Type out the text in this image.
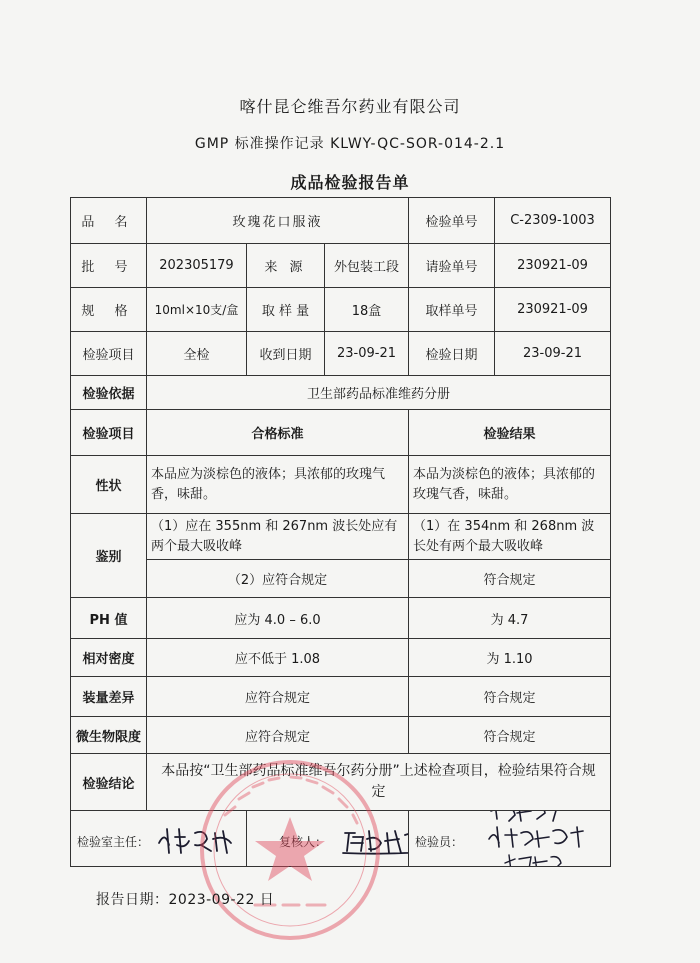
喀什昆仑维吾尔药业有限公司
GMP 标准操作记录 KLWY-QC-SOR-014-2.1
成品检验报告单
品 名	玫瑰花口服液			检验单号	C-2309-1003
批 号	202305179	来 源	外包装工段	请验单号	230921-09
规 格	10ml×10支/盒	取 样 量	18盒	取样单号	230921-09
检验项目	全检	收到日期	23-09-21	检验日期	23-09-21
检验依据	卫生部药品标准维药分册				
检验项目	合格标准			检验结果	
性状	本品应为淡棕色的液体；具浓郁的玫瑰气香，味甜。			本品为淡棕色的液体；具浓郁的玫瑰气香，味甜。	
鉴别	（1）应在 355nm 和 267nm 波长处应有两个最大吸收峰			（1）在 354nm 和 268nm 波长处有两个最大吸收峰	
	（2）应符合规定			符合规定	
PH 值	应为 4.0 – 6.0			为 4.7	
相对密度	应不低于 1.08			为 1.10	
装量差异	应符合规定			符合规定	
微生物限度	应符合规定			符合规定	
检验结论	本品按“卫生部药品标准维吾尔药分册”上述检查项目，检验结果符合规定				

检验室主任：		复核人：		检验员：	
报告日期：2023-09-22 日
